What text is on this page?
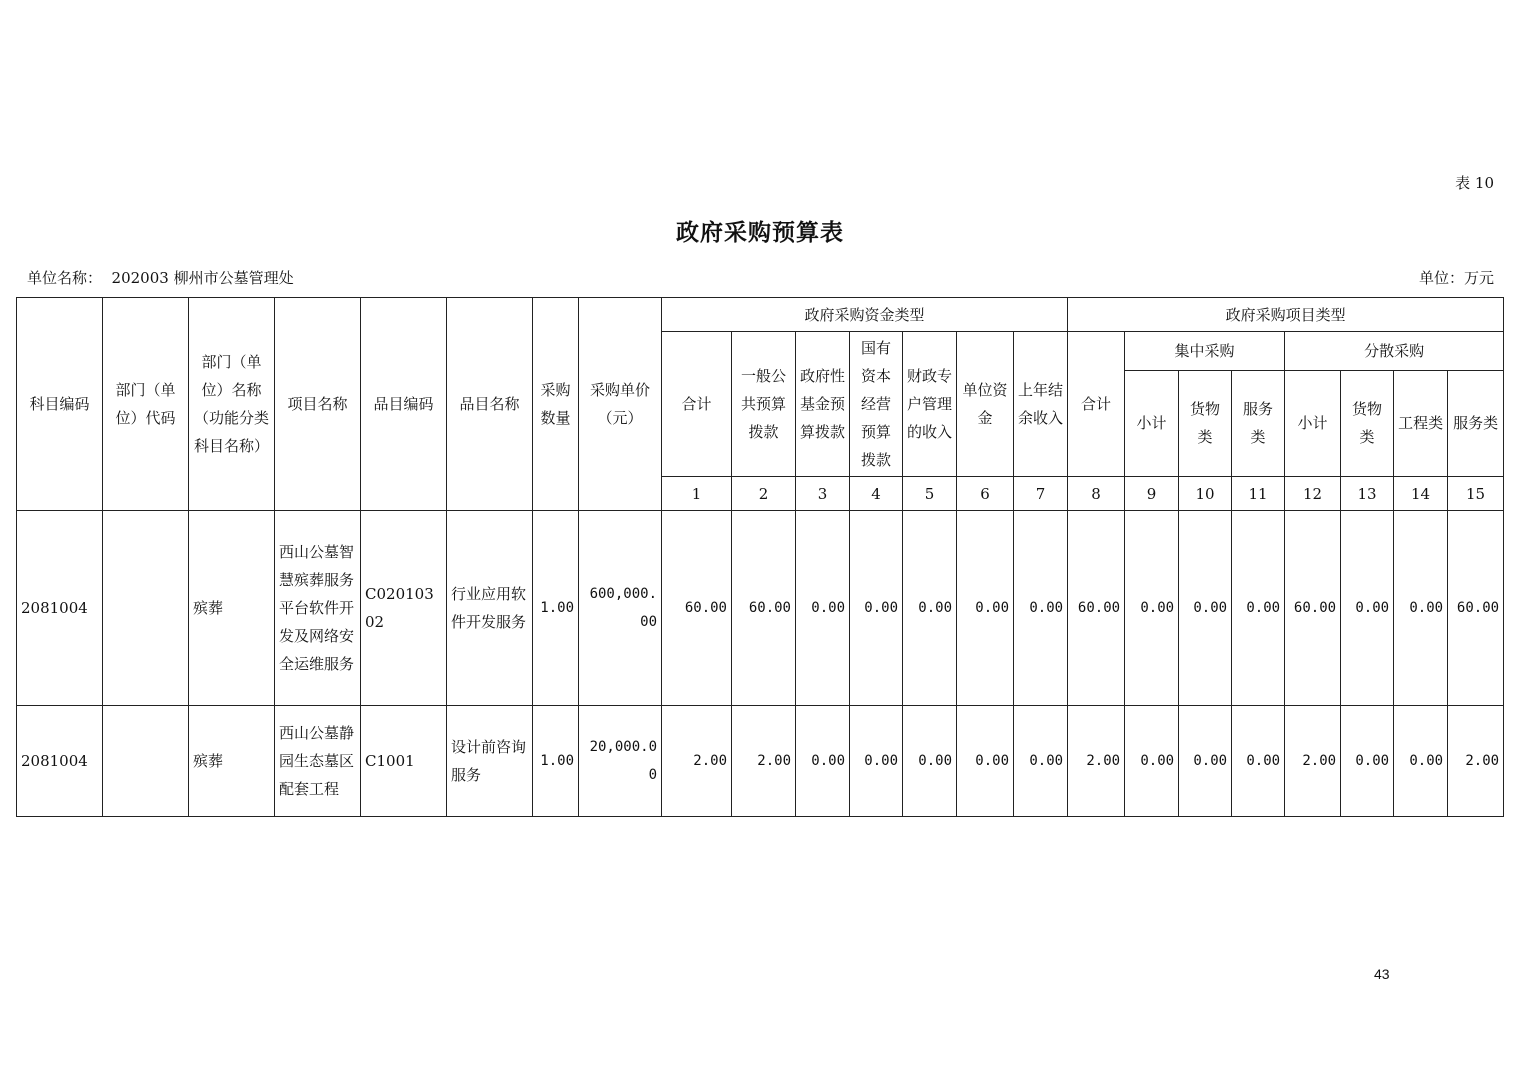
表 10
政府采购预算表
单位名称：  202003 柳州市公墓管理处	单位：万元
科目编码	部门（单位）代码	部门（单位）名称（功能分类科目名称）	项目名称	品目编码	品目名称	采购数量	采购单价（元）	政府采购资金类型							政府采购项目类型							
								合计	一般公共预算拨款	政府性基金预算拨款	国有资本经营预算拨款	财政专户管理的收入	单位资金	上年结余收入	合计	集中采购			分散采购			
																小计	货物类	服务类	小计	货物类	工程类	服务类
								1	2	3	4	5	6	7	8	9	10	11	12	13	14	15
2081004		殡葬	西山公墓智慧殡葬服务平台软件开发及网络安全运维服务	C02010302	行业应用软件开发服务	1.00	600,000.00	60.00	60.00	0.00	0.00	0.00	0.00	0.00	60.00	0.00	0.00	0.00	60.00	0.00	0.00	60.00
2081004		殡葬	西山公墓静园生态墓区配套工程	C1001	设计前咨询服务	1.00	20,000.00	2.00	2.00	0.00	0.00	0.00	0.00	0.00	2.00	0.00	0.00	0.00	2.00	0.00	0.00	2.00
43
